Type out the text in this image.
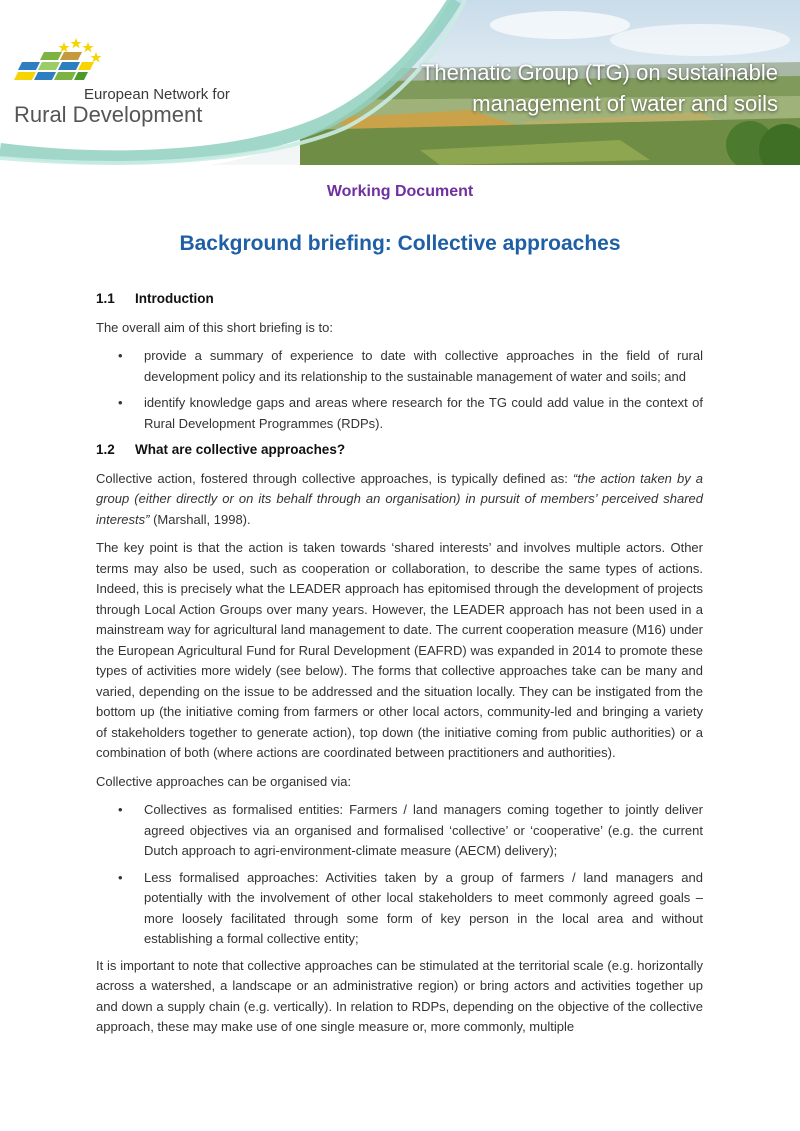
European Network for
Rural Development
Thematic Group (TG) on sustainable
management of water and soils
Working Document
Background briefing: Collective approaches
1.1 Introduction

The overall aim of this short briefing is to:

• provide a summary of experience to date with collective approaches in the field of rural development policy and its relationship to the sustainable management of water and soils; and
• identify knowledge gaps and areas where research for the TG could add value in the context of Rural Development Programmes (RDPs).
1.2 What are collective approaches?

Collective action, fostered through collective approaches, is typically defined as: “the action taken by a group (either directly or on its behalf through an organisation) in pursuit of members’ perceived shared interests” (Marshall, 1998).

The key point is that the action is taken towards ‘shared interests’ and involves multiple actors. Other terms may also be used, such as cooperation or collaboration, to describe the same types of actions. Indeed, this is precisely what the LEADER approach has epitomised through the development of projects through Local Action Groups over many years. However, the LEADER approach has not been used in a mainstream way for agricultural land management to date. The current cooperation measure (M16) under the European Agricultural Fund for Rural Development (EAFRD) was expanded in 2014 to promote these types of activities more widely (see below). The forms that collective approaches take can be many and varied, depending on the issue to be addressed and the situation locally. They can be instigated from the bottom up (the initiative coming from farmers or other local actors, community-led and bringing a variety of stakeholders together to generate action), top down (the initiative coming from public authorities) or a combination of both (where actions are coordinated between practitioners and authorities).

Collective approaches can be organised via:

• Collectives as formalised entities: Farmers / land managers coming together to jointly deliver agreed objectives via an organised and formalised ‘collective’ or ‘cooperative’ (e.g. the current Dutch approach to agri-environment-climate measure (AECM) delivery);
• Less formalised approaches: Activities taken by a group of farmers / land managers and potentially with the involvement of other local stakeholders to meet commonly agreed goals – more loosely facilitated through some form of key person in the local area and without establishing a formal collective entity;

It is important to note that collective approaches can be stimulated at the territorial scale (e.g. horizontally across a watershed, a landscape or an administrative region) or bring actors and activities together up and down a supply chain (e.g. vertically). In relation to RDPs, depending on the objective of the collective approach, these may make use of one single measure or, more commonly, multiple
